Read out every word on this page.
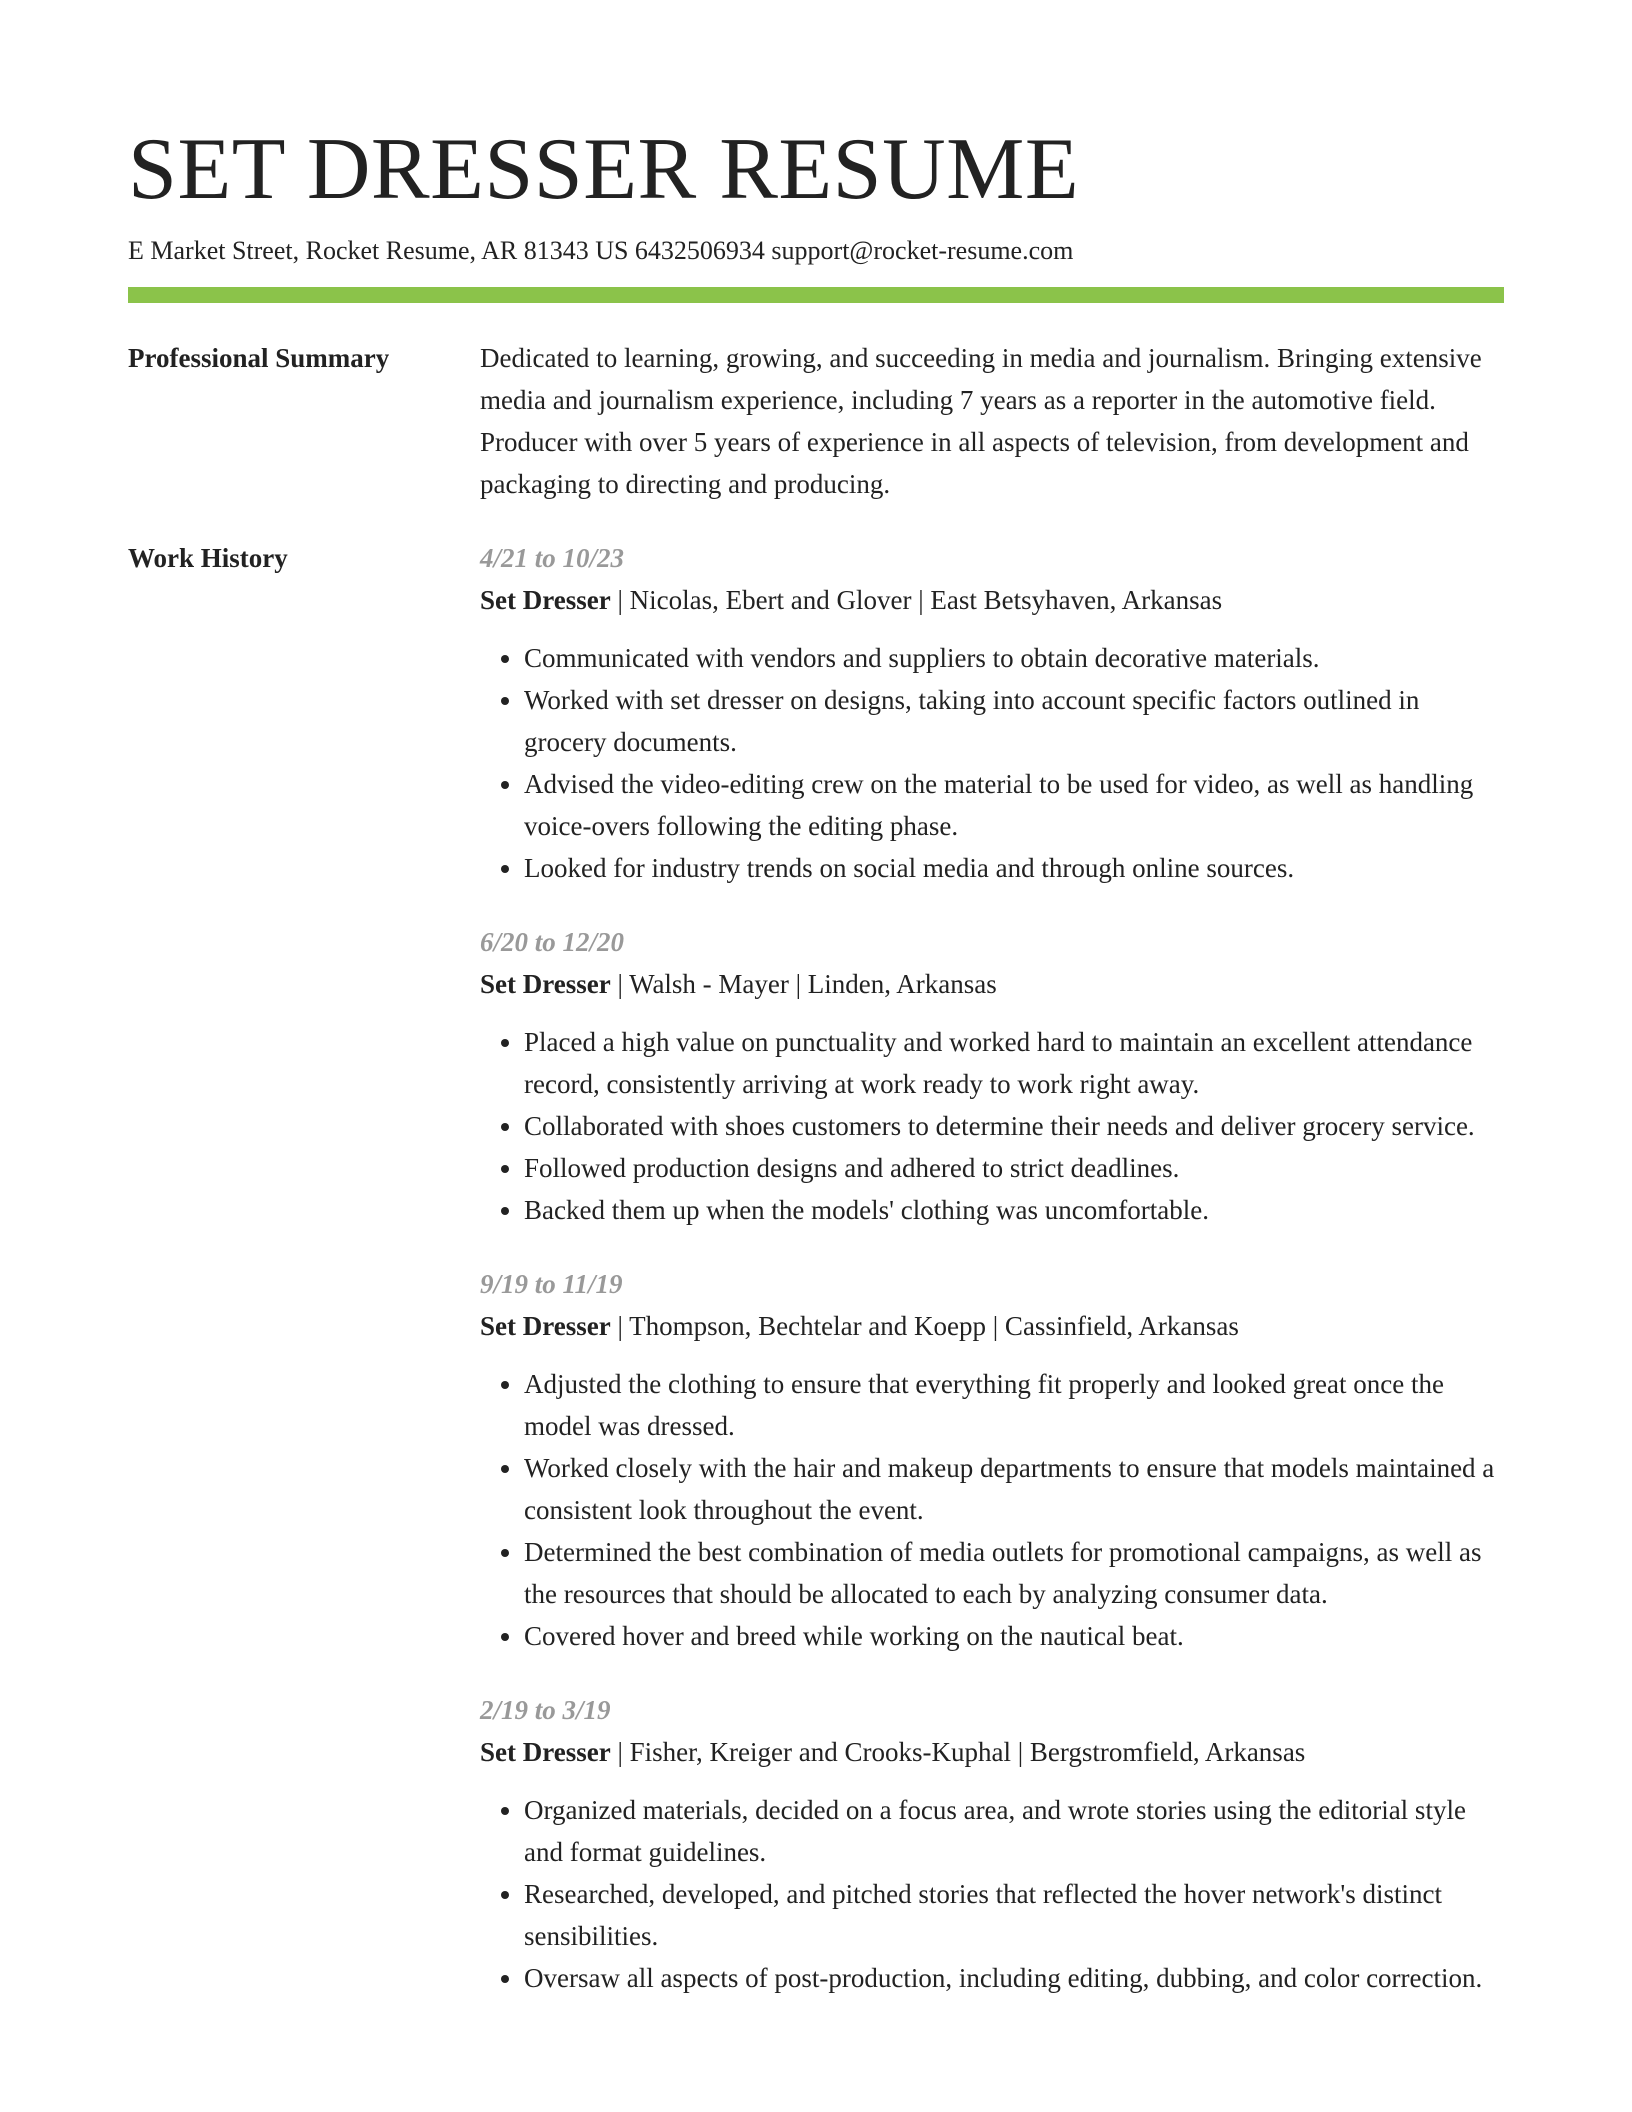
SET DRESSER RESUME
E Market Street, Rocket Resume, AR 81343 US 6432506934 support@rocket-resume.com
Professional Summary	Dedicated to learning, growing, and succeeding in media and journalism. Bringing extensive media and journalism experience, including 7 years as a reporter in the automotive field. Producer with over 5 years of experience in all aspects of television, from development and packaging to directing and producing.
Work History	4/21 to 10/23
Set Dresser | Nicolas, Ebert and Glover | East Betsyhaven, Arkansas
• Communicated with vendors and suppliers to obtain decorative materials.
• Worked with set dresser on designs, taking into account specific factors outlined in grocery documents.
• Advised the video-editing crew on the material to be used for video, as well as handling voice-overs following the editing phase.
• Looked for industry trends on social media and through online sources.
6/20 to 12/20
Set Dresser | Walsh - Mayer | Linden, Arkansas
• Placed a high value on punctuality and worked hard to maintain an excellent attendance record, consistently arriving at work ready to work right away.
• Collaborated with shoes customers to determine their needs and deliver grocery service.
• Followed production designs and adhered to strict deadlines.
• Backed them up when the models' clothing was uncomfortable.
9/19 to 11/19
Set Dresser | Thompson, Bechtelar and Koepp | Cassinfield, Arkansas
• Adjusted the clothing to ensure that everything fit properly and looked great once the model was dressed.
• Worked closely with the hair and makeup departments to ensure that models maintained a consistent look throughout the event.
• Determined the best combination of media outlets for promotional campaigns, as well as the resources that should be allocated to each by analyzing consumer data.
• Covered hover and breed while working on the nautical beat.
2/19 to 3/19
Set Dresser | Fisher, Kreiger and Crooks-Kuphal | Bergstromfield, Arkansas
• Organized materials, decided on a focus area, and wrote stories using the editorial style and format guidelines.
• Researched, developed, and pitched stories that reflected the hover network's distinct sensibilities.
• Oversaw all aspects of post-production, including editing, dubbing, and color correction.
